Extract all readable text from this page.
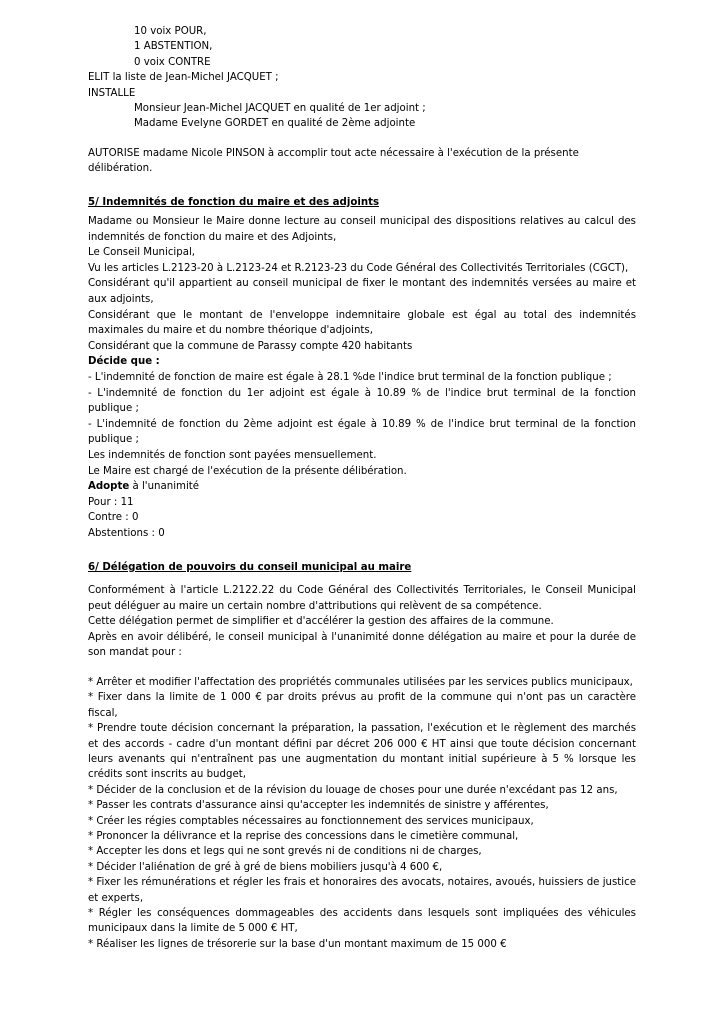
10 voix POUR,

1 ABSTENTION,

0 voix CONTRE

ELIT la liste de Jean-Michel JACQUET ;

INSTALLE

Monsieur Jean-Michel JACQUET en qualité de 1er adjoint ;

Madame Evelyne GORDET en qualité de 2ème adjointe

AUTORISE madame Nicole PINSON à accomplir tout acte nécessaire à l'exécution de la présente délibération.

5/ Indemnités de fonction du maire et des adjoints

Madame ou Monsieur le Maire donne lecture au conseil municipal des dispositions relatives au calcul des indemnités de fonction du maire et des Adjoints,

Le Conseil Municipal,

Vu les articles L.2123-20 à L.2123-24 et R.2123-23 du Code Général des Collectivités Territoriales (CGCT),

Considérant qu'il appartient au conseil municipal de fixer le montant des indemnités versées au maire et aux adjoints,

Considérant que le montant de l'enveloppe indemnitaire globale est égal au total des indemnités maximales du maire et du nombre théorique d'adjoints,

Considérant que la commune de Parassy compte 420 habitants

Décide que :

- L'indemnité de fonction de maire est égale à 28.1 %de l'indice brut terminal de la fonction publique ;

- L'indemnité de fonction du 1er adjoint est égale à 10.89 % de l'indice brut terminal de la fonction publique ;

- L'indemnité de fonction du 2ème adjoint est égale à 10.89 % de l'indice brut terminal de la fonction publique ;

Les indemnités de fonction sont payées mensuellement.

Le Maire est chargé de l'exécution de la présente délibération.

Adopte à l'unanimité

Pour : 11

Contre : 0

Abstentions : 0

6/ Délégation de pouvoirs du conseil municipal au maire

Conformément à l'article L.2122.22 du Code Général des Collectivités Territoriales, le Conseil Municipal peut déléguer au maire un certain nombre d'attributions qui relèvent de sa compétence.

Cette délégation permet de simplifier et d'accélérer la gestion des affaires de la commune.

Après en avoir délibéré, le conseil municipal à l'unanimité donne délégation au maire et pour la durée de son mandat pour :

* Arrêter et modifier l'affectation des propriétés communales utilisées par les services publics municipaux,

* Fixer dans la limite de 1 000 € par droits prévus au profit de la commune qui n'ont pas un caractère fiscal,

* Prendre toute décision concernant la préparation, la passation, l'exécution et le règlement des marchés et des accords - cadre d'un montant défini par décret 206 000 € HT ainsi que toute décision concernant leurs avenants qui n'entraînent pas une augmentation du montant initial supérieure à 5 % lorsque les crédits sont inscrits au budget,

* Décider de la conclusion et de la révision du louage de choses pour une durée n'excédant pas 12 ans,

* Passer les contrats d'assurance ainsi qu'accepter les indemnités de sinistre y afférentes,

* Créer les régies comptables nécessaires au fonctionnement des services municipaux,

* Prononcer la délivrance et la reprise des concessions dans le cimetière communal,

* Accepter les dons et legs qui ne sont grevés ni de conditions ni de charges,

* Décider l'aliénation de gré à gré de biens mobiliers jusqu'à 4 600 €,

* Fixer les rémunérations et régler les frais et honoraires des avocats, notaires, avoués, huissiers de justice et experts,

* Régler les conséquences dommageables des accidents dans lesquels sont impliquées des véhicules municipaux dans la limite de 5 000 € HT,

* Réaliser les lignes de trésorerie sur la base d'un montant maximum de 15 000 €
